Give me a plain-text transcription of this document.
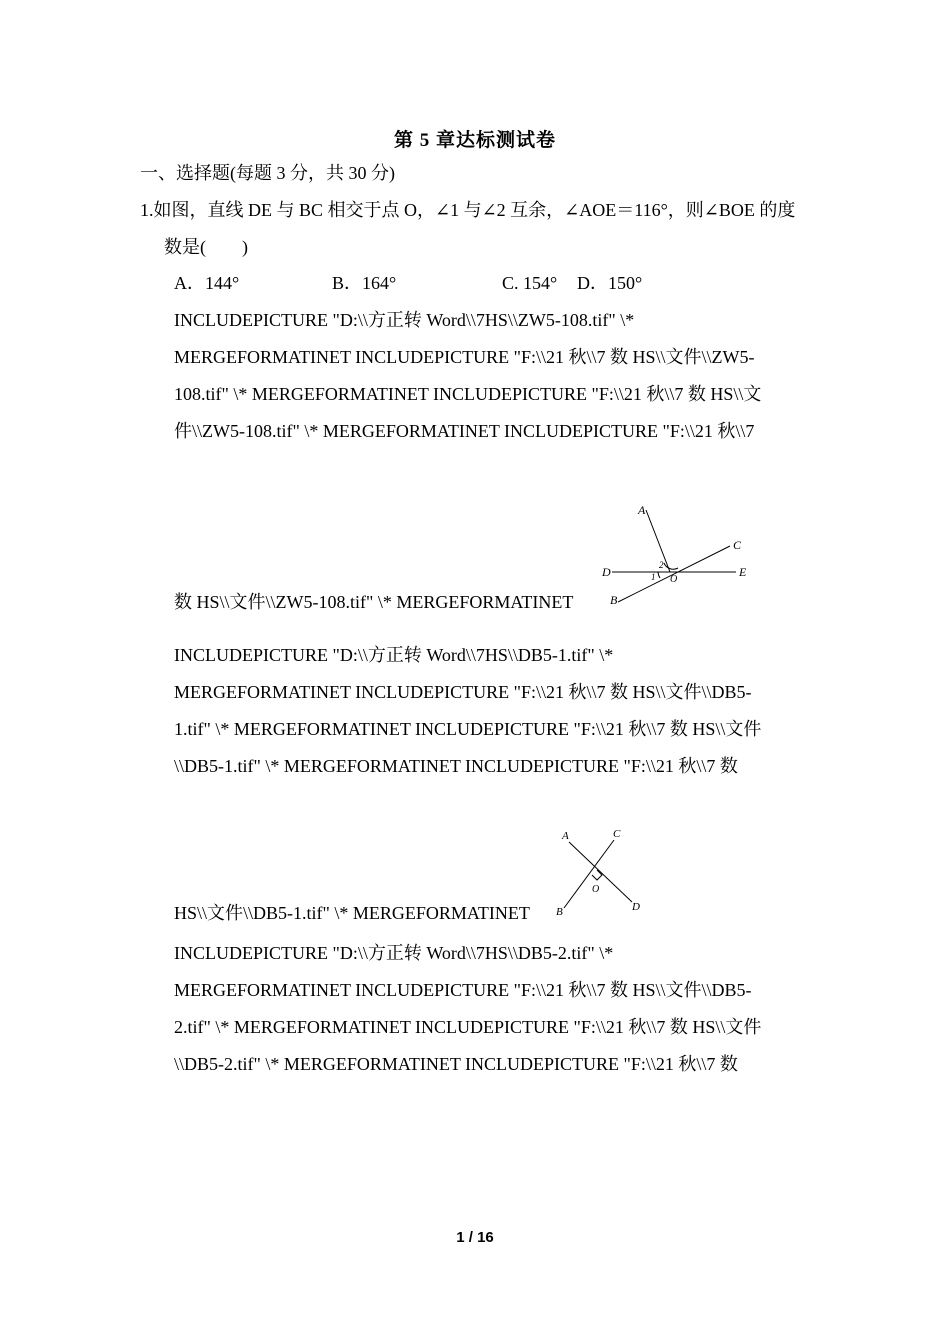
第 5 章达标测试卷
一、选择题(每题 3 分，共 30 分)
1.如图，直线 DE 与 BC 相交于点 O，∠1 与∠2 互余，∠AOE＝116°，则∠BOE 的度
数是(　　)
A．144°	B．164°	C. 154° D．150°
INCLUDEPICTURE "D:\\方正转 Word\\7HS\\ZW5-108.tif" \*
MERGEFORMATINET INCLUDEPICTURE "F:\\21 秋\\7 数 HS\\文件\\ZW5-
108.tif" \* MERGEFORMATINET INCLUDEPICTURE "F:\\21 秋\\7 数 HS\\文
件\\ZW5-108.tif" \* MERGEFORMATINET INCLUDEPICTURE "F:\\21 秋\\7
数 HS\\文件\\ZW5-108.tif" \* MERGEFORMATINET
A
C
D	E
B
O
1
2
INCLUDEPICTURE "D:\\方正转 Word\\7HS\\DB5-1.tif" \*
MERGEFORMATINET INCLUDEPICTURE "F:\\21 秋\\7 数 HS\\文件\\DB5-
1.tif" \* MERGEFORMATINET INCLUDEPICTURE "F:\\21 秋\\7 数 HS\\文件
\\DB5-1.tif" \* MERGEFORMATINET INCLUDEPICTURE "F:\\21 秋\\7 数
HS\\文件\\DB5-1.tif" \* MERGEFORMATINET
A	C
B	D
O
INCLUDEPICTURE "D:\\方正转 Word\\7HS\\DB5-2.tif" \*
MERGEFORMATINET INCLUDEPICTURE "F:\\21 秋\\7 数 HS\\文件\\DB5-
2.tif" \* MERGEFORMATINET INCLUDEPICTURE "F:\\21 秋\\7 数 HS\\文件
\\DB5-2.tif" \* MERGEFORMATINET INCLUDEPICTURE "F:\\21 秋\\7 数
1 / 16
